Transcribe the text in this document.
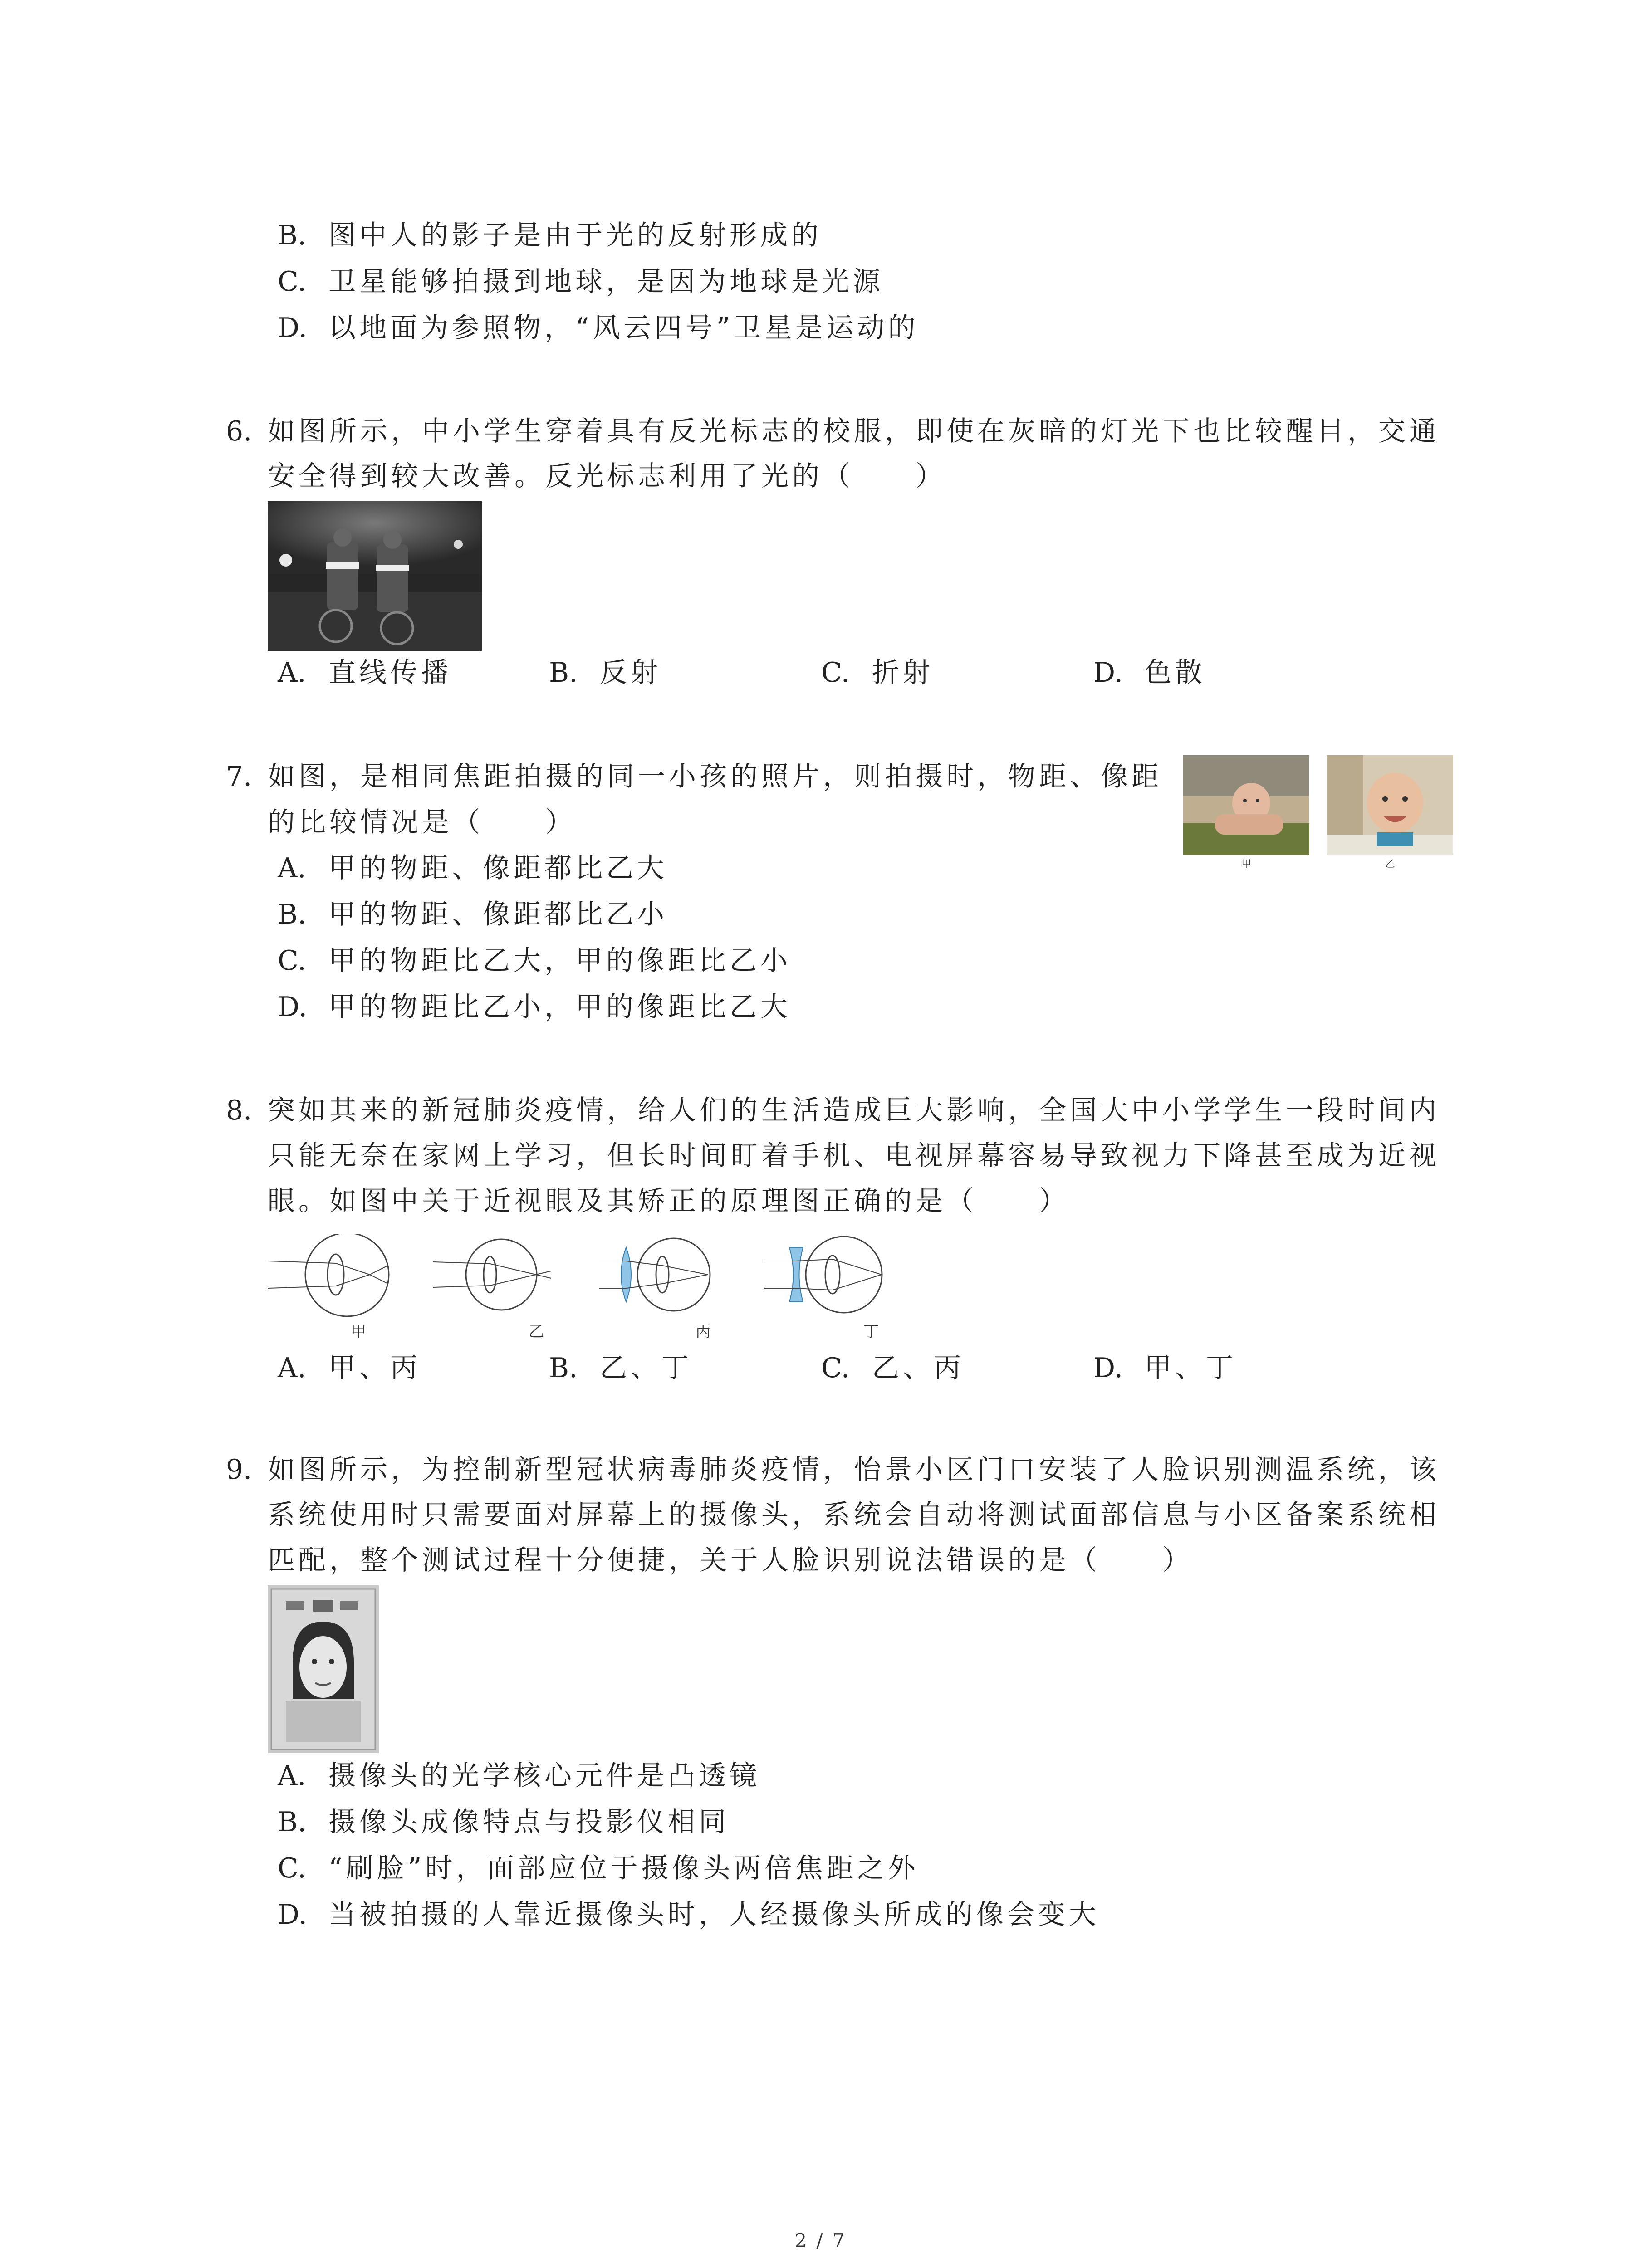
B. 图中人的影子是由于光的反射形成的
C. 卫星能够拍摄到地球，是因为地球是光源
D. 以地面为参照物，“风云四号”卫星是运动的
6. 如图所示，中小学生穿着具有反光标志的校服，即使在灰暗的灯光下也比较醒目，交通
安全得到较大改善。反光标志利用了光的（　　）
A. 直线传播	B. 反射	C. 折射	D. 色散
7. 如图，是相同焦距拍摄的同一小孩的照片，则拍摄时，物距、像距
的比较情况是（　　）
甲	乙
A. 甲的物距、像距都比乙大
B. 甲的物距、像距都比乙小
C. 甲的物距比乙大，甲的像距比乙小
D. 甲的物距比乙小，甲的像距比乙大
8. 突如其来的新冠肺炎疫情，给人们的生活造成巨大影响，全国大中小学学生一段时间内
只能无奈在家网上学习，但长时间盯着手机、电视屏幕容易导致视力下降甚至成为近视
眼。如图中关于近视眼及其矫正的原理图正确的是（　　）
甲	乙	丙	丁
A. 甲、丙	B. 乙、丁	C. 乙、丙	D. 甲、丁
9. 如图所示，为控制新型冠状病毒肺炎疫情，怡景小区门口安装了人脸识别测温系统，该
系统使用时只需要面对屏幕上的摄像头，系统会自动将测试面部信息与小区备案系统相
匹配，整个测试过程十分便捷，关于人脸识别说法错误的是（　　）
A. 摄像头的光学核心元件是凸透镜
B. 摄像头成像特点与投影仪相同
C. “刷脸”时，面部应位于摄像头两倍焦距之外
D. 当被拍摄的人靠近摄像头时，人经摄像头所成的像会变大
2 / 7
